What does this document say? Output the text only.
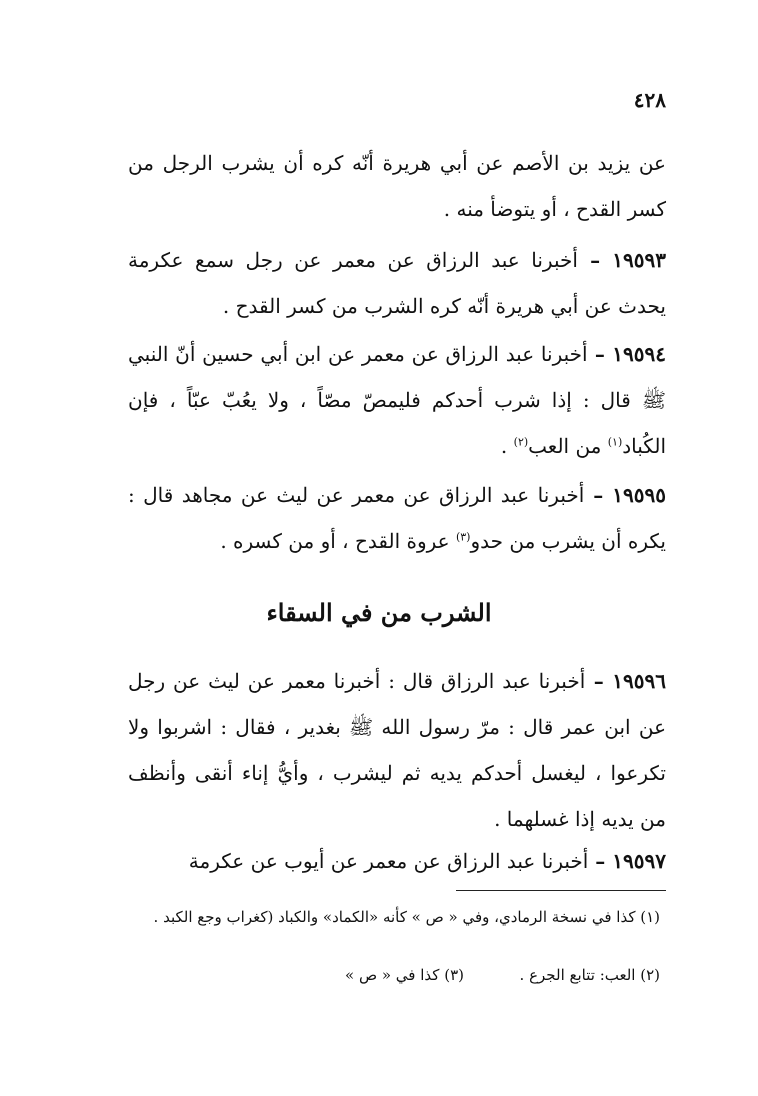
٤٢٨

عن يزيد بن الأصم عن أبي هريرة أنّه كره أن يشرب الرجل من كسر القدح ، أو يتوضأ منه .

١٩٥٩٣ – أخبرنا عبد الرزاق عن معمر عن رجل سمع عكرمة يحدث عن أبي هريرة أنّه كره الشرب من كسر القدح .

١٩٥٩٤ – أخبرنا عبد الرزاق عن معمر عن ابن أبي حسين أنّ النبي ﷺ قال : إذا شرب أحدكم فليمصّ مصّاً ، ولا يعُبّ عبّاً ، فإن الكُباد$^{(١)}$ من العب$^{(٢)}$ .

١٩٥٩٥ – أخبرنا عبد الرزاق عن معمر عن ليث عن مجاهد قال : يكره أن يشرب من حدو$^{(٣)}$ عروة القدح ، أو من كسره .

الشرب من في السقاء

١٩٥٩٦ – أخبرنا عبد الرزاق قال : أخبرنا معمر عن ليث عن رجل عن ابن عمر قال : مرّ رسول الله ﷺ بغدير ، فقال : اشربوا ولا تكرعوا ، ليغسل أحدكم يديه ثم ليشرب ، وأيُّ إناء أنقى وأنظف من يديه إذا غسلهما .

١٩٥٩٧ – أخبرنا عبد الرزاق عن معمر عن أيوب عن عكرمة

(١) كذا في نسخة الرمادي، وفي « ص » كأنه «الكماد» والكباد (كغراب وجع الكبد .

(٢) العب: تتابع الجرع .  (٣) كذا في « ص »
